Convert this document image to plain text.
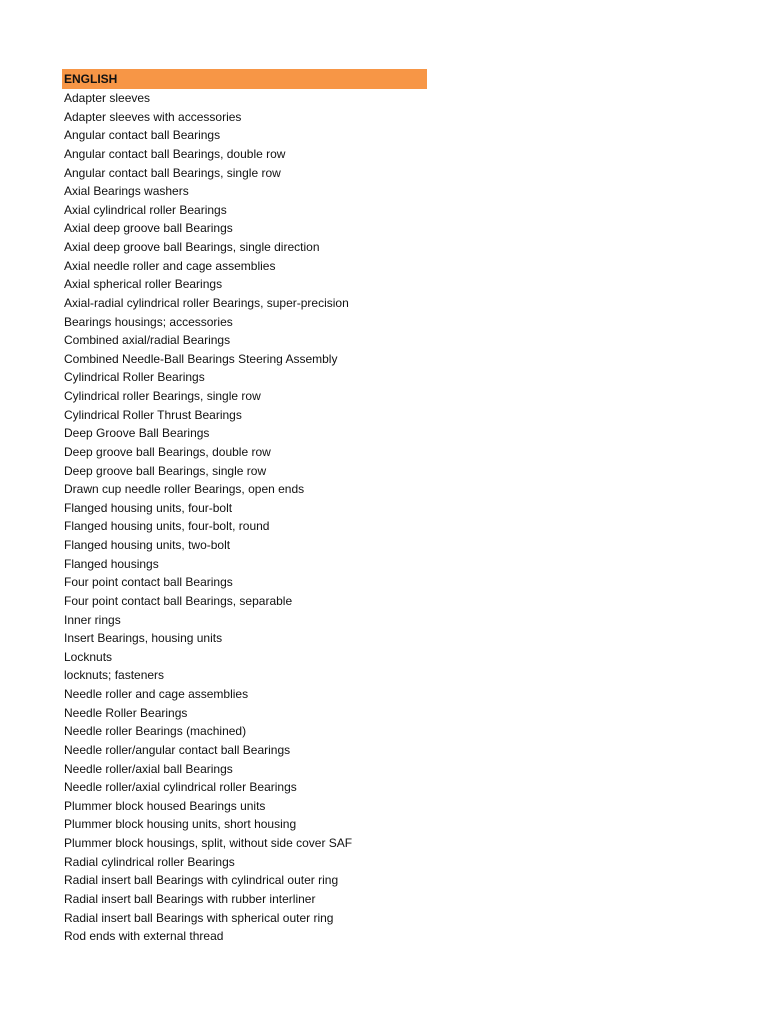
ENGLISH
Adapter sleeves
Adapter sleeves with accessories
Angular contact ball Bearings
Angular contact ball Bearings, double row
Angular contact ball Bearings, single row
Axial Bearings washers
Axial cylindrical roller Bearings
Axial deep groove ball Bearings
Axial deep groove ball Bearings, single direction
Axial needle roller and cage assemblies
Axial spherical roller Bearings
Axial-radial cylindrical roller Bearings, super-precision
Bearings housings; accessories
Combined axial/radial Bearings
Combined Needle-Ball Bearings Steering Assembly
Cylindrical Roller Bearings
Cylindrical roller Bearings, single row
Cylindrical Roller Thrust Bearings
Deep Groove Ball Bearings
Deep groove ball Bearings, double row
Deep groove ball Bearings, single row
Drawn cup needle roller Bearings, open ends
Flanged housing units, four-bolt
Flanged housing units, four-bolt, round
Flanged housing units, two-bolt
Flanged housings
Four point contact ball Bearings
Four point contact ball Bearings, separable
Inner rings
Insert Bearings, housing units
Locknuts
locknuts; fasteners
Needle roller and cage assemblies
Needle Roller Bearings
Needle roller Bearings (machined)
Needle roller/angular contact ball Bearings
Needle roller/axial ball Bearings
Needle roller/axial cylindrical roller Bearings
Plummer block housed Bearings units
Plummer block housing units, short housing
Plummer block housings, split, without side cover SAF
Radial cylindrical roller Bearings
Radial insert ball Bearings with cylindrical outer ring
Radial insert ball Bearings with rubber interliner
Radial insert ball Bearings with spherical outer ring
Rod ends with external thread
